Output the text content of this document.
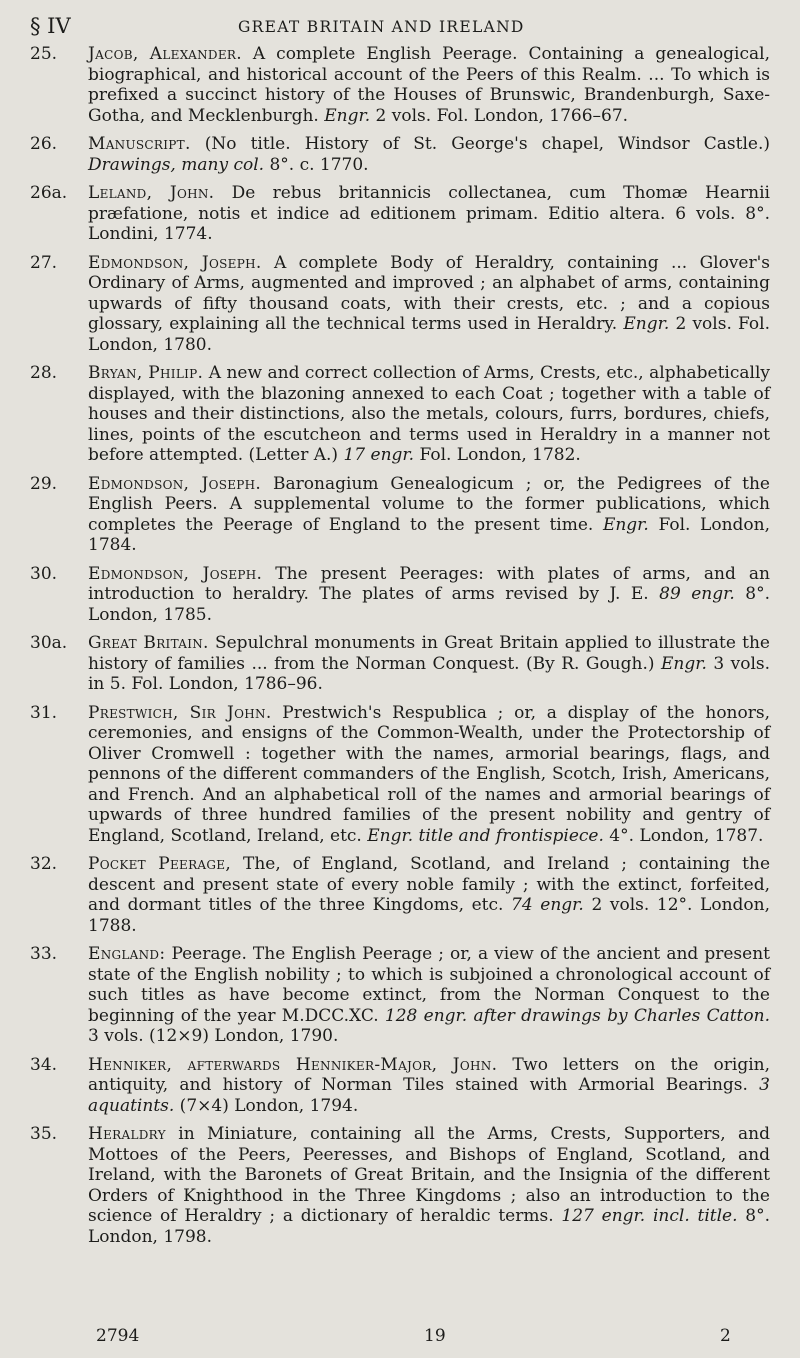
§ IV	GREAT BRITAIN AND IRELAND
25. Jacob, Alexander. A complete English Peerage. Containing a genealogical, biographical, and historical account of the Peers of this Realm. ... To which is prefixed a succinct history of the Houses of Brunswic, Brandenburgh, Saxe-Gotha, and Mecklenburgh. Engr. 2 vols. Fol. London, 1766–67.
26. Manuscript. (No title. History of St. George's chapel, Windsor Castle.) Drawings, many col. 8°. c. 1770.
26a. Leland, John. De rebus britannicis collectanea, cum Thomæ Hearnii præfatione, notis et indice ad editionem primam. Editio altera. 6 vols. 8°. Londini, 1774.
27. Edmondson, Joseph. A complete Body of Heraldry, containing ... Glover's Ordinary of Arms, augmented and improved ; an alphabet of arms, containing upwards of fifty thousand coats, with their crests, etc. ; and a copious glossary, explaining all the technical terms used in Heraldry. Engr. 2 vols. Fol. London, 1780.
28. Bryan, Philip. A new and correct collection of Arms, Crests, etc., alphabetically displayed, with the blazoning annexed to each Coat ; together with a table of houses and their distinctions, also the metals, colours, furrs, bordures, chiefs, lines, points of the escutcheon and terms used in Heraldry in a manner not before attempted. (Letter A.) 17 engr. Fol. London, 1782.
29. Edmondson, Joseph. Baronagium Genealogicum ; or, the Pedigrees of the English Peers. A supplemental volume to the former publications, which completes the Peerage of England to the present time. Engr. Fol. London, 1784.
30. Edmondson, Joseph. The present Peerages: with plates of arms, and an introduction to heraldry. The plates of arms revised by J. E. 89 engr. 8°. London, 1785.
30a. Great Britain. Sepulchral monuments in Great Britain applied to illustrate the history of families ... from the Norman Conquest. (By R. Gough.) Engr. 3 vols. in 5. Fol. London, 1786–96.
31. Prestwich, Sir John. Prestwich's Respublica ; or, a display of the honors, ceremonies, and ensigns of the Common-Wealth, under the Protectorship of Oliver Cromwell : together with the names, armorial bearings, flags, and pennons of the different commanders of the English, Scotch, Irish, Americans, and French. And an alphabetical roll of the names and armorial bearings of upwards of three hundred families of the present nobility and gentry of England, Scotland, Ireland, etc. Engr. title and frontispiece. 4°. London, 1787.
32. Pocket Peerage, The, of England, Scotland, and Ireland ; containing the descent and present state of every noble family ; with the extinct, forfeited, and dormant titles of the three Kingdoms, etc. 74 engr. 2 vols. 12°. London, 1788.
33. England: Peerage. The English Peerage ; or, a view of the ancient and present state of the English nobility ; to which is subjoined a chronological account of such titles as have become extinct, from the Norman Conquest to the beginning of the year M.DCC.XC. 128 engr. after drawings by Charles Catton. 3 vols. (12×9) London, 1790.
34. Henniker, afterwards Henniker-Major, John. Two letters on the origin, antiquity, and history of Norman Tiles stained with Armorial Bearings. 3 aquatints. (7×4) London, 1794.
35. Heraldry in Miniature, containing all the Arms, Crests, Supporters, and Mottoes of the Peers, Peeresses, and Bishops of England, Scotland, and Ireland, with the Baronets of Great Britain, and the Insignia of the different Orders of Knighthood in the Three Kingdoms ; also an introduction to the science of Heraldry ; a dictionary of heraldic terms. 127 engr. incl. title. 8°. London, 1798.
2794	19	2
